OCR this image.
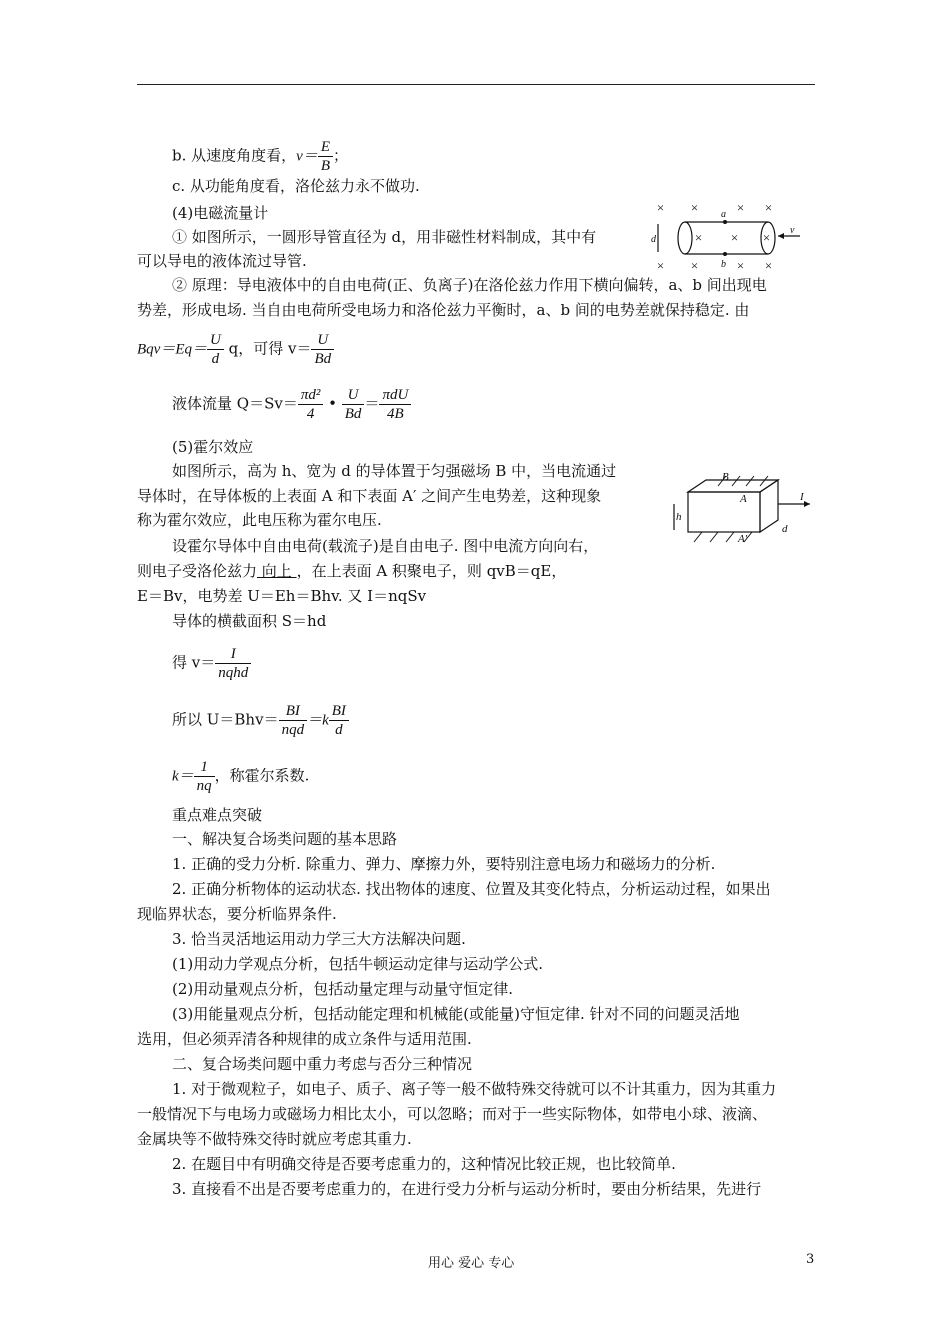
b. 从速度角度看，$v= \frac{E}{B}$ ；
c. 从功能角度看，洛伦兹力永不做功.
(4)电磁流量计
① 如图所示，一圆形导管直径为 d，用非磁性材料制成，其中有
可以导电的液体流过导管.
② 原理：导电液体中的自由电荷(正、负离子)在洛伦兹力作用下横向偏转，a、b 间出现电
势差，形成电场. 当自由电荷所受电场力和洛伦兹力平衡时，a、b 间的电势差就保持稳定. 由
$Bqv=Eq= \frac{U}{d}$ q，可得 $v= \frac{U}{Bd}$
液体流量 $Q=Sv= \frac{\text{πd²}}{4}$ • $\frac{U}{Bd} = \frac{\text{πdU}}{4B}$
(5)霍尔效应
如图所示，高为 h、宽为 d 的导体置于匀强磁场 B 中，当电流通过
导体时，在导体板的上表面 A 和下表面 A′ 之间产生电势差，这种现象
称为霍尔效应，此电压称为霍尔电压.
设霍尔导体中自由电荷(载流子)是自由电子. 图中电流方向向右，
则电子受洛伦兹力 向上 ，在上表面 A 积聚电子，则 qvB＝qE，
E＝Bv，电势差 U＝Eh＝Bhv. 又 I＝nqSv
导体的横截面积 S＝hd
得 $v= \frac{I}{\text{nqhd}}$
所以 $U=Bhv= \frac{BI}{\text{nqd}} =k \frac{BI}{d}$
$k= \frac{1}{nq}$ ，称霍尔系数.
重点难点突破
一、解决复合场类问题的基本思路
1. 正确的受力分析. 除重力、弹力、摩擦力外，要特别注意电场力和磁场力的分析.
2. 正确分析物体的运动状态. 找出物体的速度、位置及其变化特点，分析运动过程，如果出
现临界状态，要分析临界条件.
3. 恰当灵活地运用动力学三大方法解决问题.
(1)用动力学观点分析，包括牛顿运动定律与运动学公式.
(2)用动量观点分析，包括动量定理与动量守恒定律.
(3)用能量观点分析，包括动能定理和机械能(或能量)守恒定律. 针对不同的问题灵活地
选用，但必须弄清各种规律的成立条件与适用范围.
二、复合场类问题中重力考虑与否分三种情况
1. 对于微观粒子，如电子、质子、离子等一般不做特殊交待就可以不计其重力，因为其重力
一般情况下与电场力或磁场力相比太小，可以忽略；而对于一些实际物体，如带电小球、液滴、
金属块等不做特殊交待时就应考虑其重力.
2. 在题目中有明确交待是否要考虑重力的，这种情况比较正规，也比较简单.
3. 直接看不出是否要考虑重力的，在进行受力分析与运动分析时，要由分析结果，先进行
× ×	× ×
× × ×
× ×	× ×
a
b
d
v
B
A
A′
I
h
d
用心 爱心 专心	3
